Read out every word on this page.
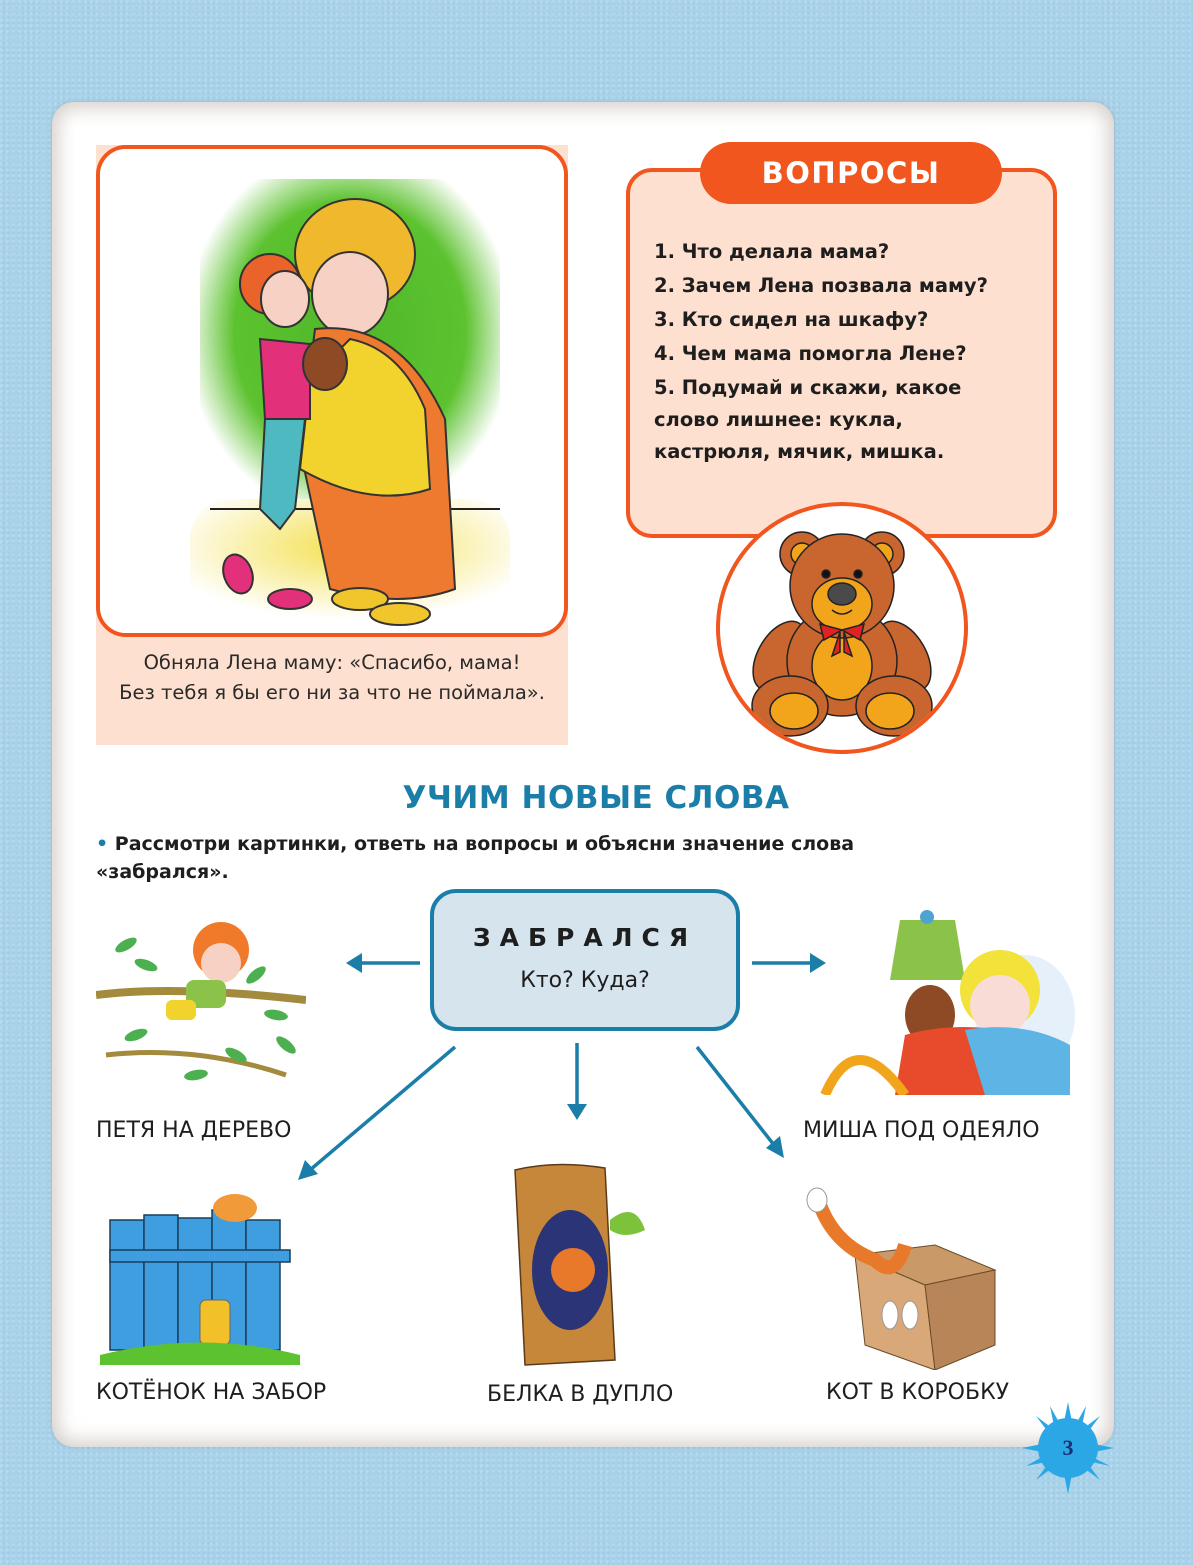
Обняла Лена маму: «Спасибо, мама!
Без тебя я бы его ни за что не поймала».
ВОПРОСЫ
1. Что делала мама?
2. Зачем Лена позвала маму?
3. Кто сидел на шкафу?
4. Чем мама помогла Лене?
5. Подумай и скажи, какое
слово лишнее: кукла,
кастрюля, мячик, мишка.
УЧИМ НОВЫЕ СЛОВА
• Рассмотри картинки, ответь на вопросы и объясни значение слова
«забрался».
ЗАБРАЛСЯ
Кто? Куда?
ПЕТЯ НА ДЕРЕВО	МИША ПОД ОДЕЯЛО
КОТЁНОК НА ЗАБОР	БЕЛКА В ДУПЛО	КОТ В КОРОБКУ
3
